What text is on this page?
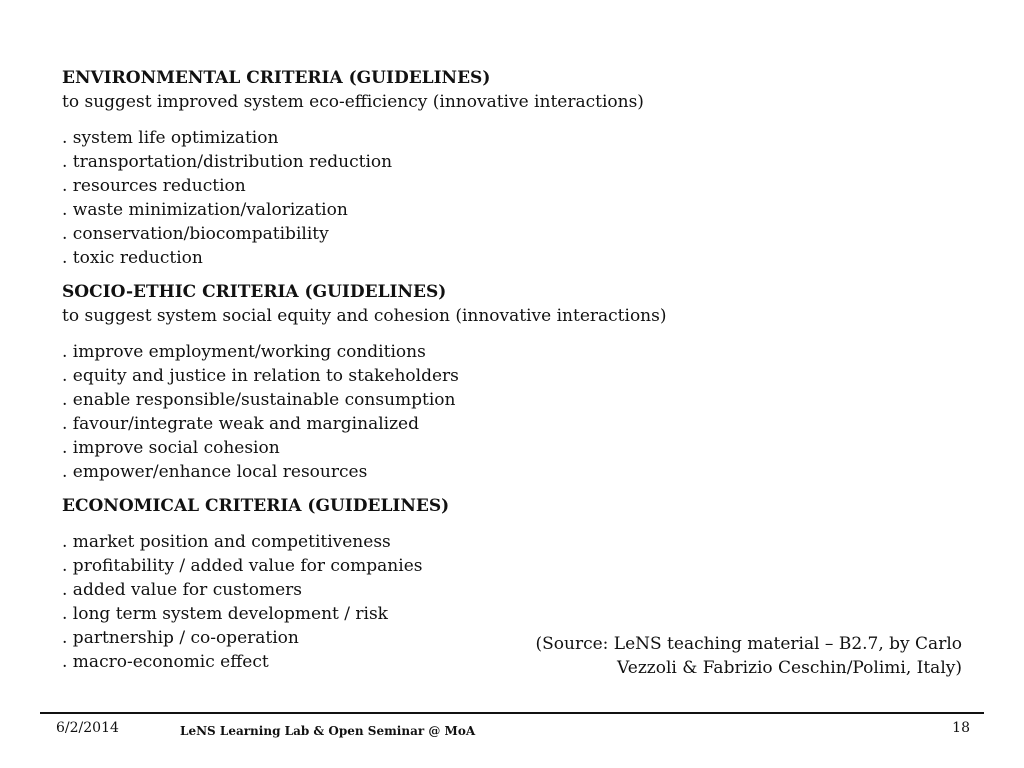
ENVIRONMENTAL CRITERIA (GUIDELINES)

to suggest improved system eco-efficiency (innovative interactions)

. system life optimization
. transportation/distribution reduction
. resources reduction
. waste minimization/valorization
. conservation/biocompatibility
. toxic reduction

SOCIO-ETHIC CRITERIA (GUIDELINES)

to suggest system social equity and cohesion (innovative interactions)

. improve employment/working conditions
. equity and justice in relation to stakeholders
. enable responsible/sustainable consumption
. favour/integrate weak and marginalized
. improve social cohesion
. empower/enhance local resources

ECONOMICAL CRITERIA (GUIDELINES)

. market position and competitiveness
. profitability / added value for companies
. added value for customers
. long term system development / risk
. partnership / co-operation
. macro-economic effect
(Source: LeNS teaching material – B2.7, by Carlo
Vezzoli & Fabrizio Ceschin/Polimi, Italy)
6/2/2014	LeNS Learning Lab & Open Seminar @ MoA	18
